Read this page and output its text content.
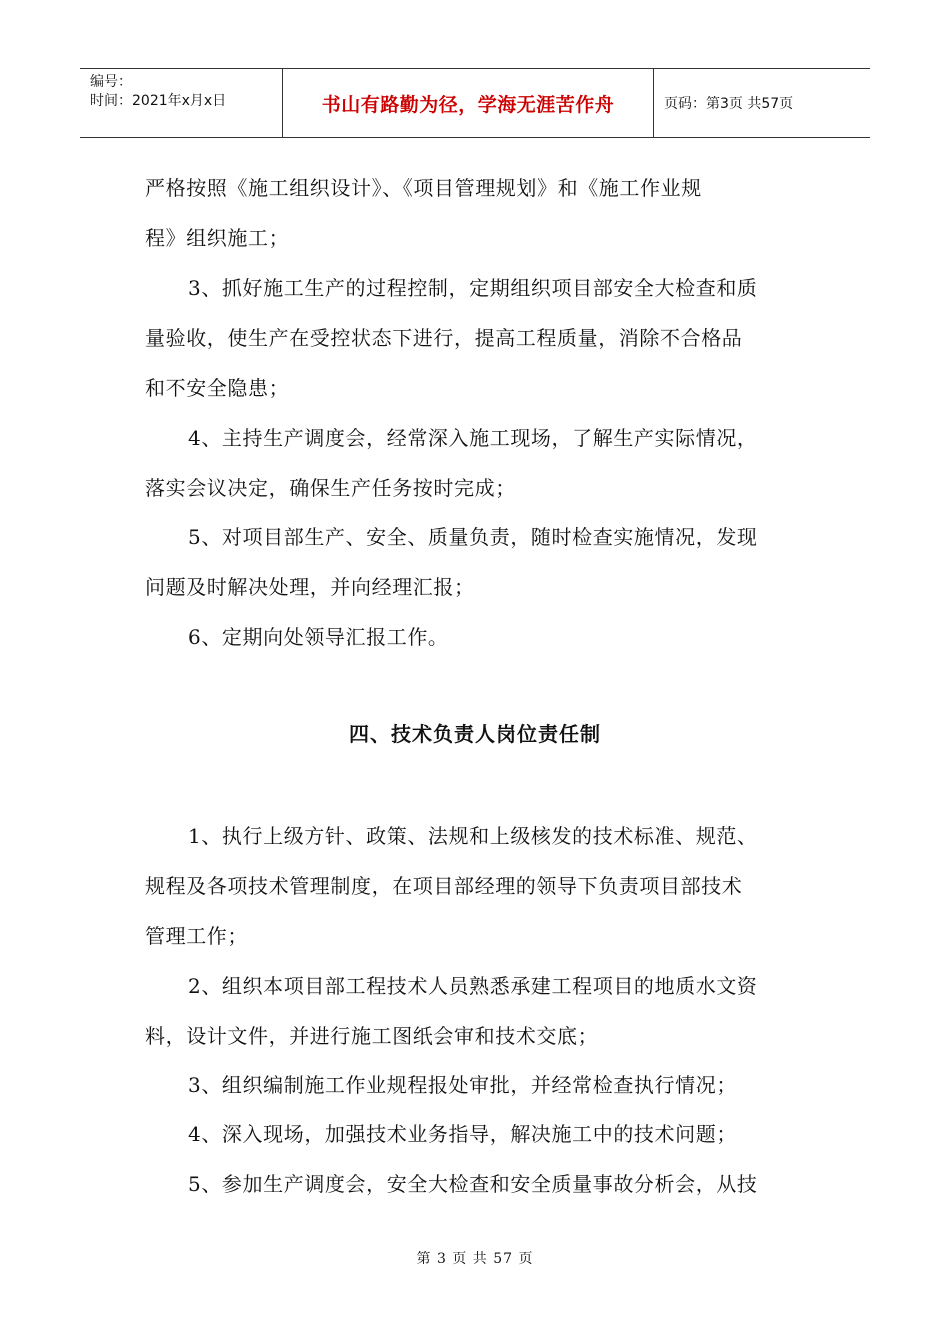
编号：
时间：2021年x月x日	书山有路勤为径，学海无涯苦作舟	页码：第3页 共57页
严格按照《施工组织设计》、《项目管理规划》和《施工作业规
程》组织施工；
3、抓好施工生产的过程控制，定期组织项目部安全大检查和质
量验收，使生产在受控状态下进行，提高工程质量，消除不合格品
和不安全隐患；
4、主持生产调度会，经常深入施工现场，了解生产实际情况，
落实会议决定，确保生产任务按时完成；
5、对项目部生产、安全、质量负责，随时检查实施情况，发现
问题及时解决处理，并向经理汇报；
6、定期向处领导汇报工作。
四、技术负责人岗位责任制
1、执行上级方针、政策、法规和上级核发的技术标准、规范、
规程及各项技术管理制度，在项目部经理的领导下负责项目部技术
管理工作；
2、组织本项目部工程技术人员熟悉承建工程项目的地质水文资
料，设计文件，并进行施工图纸会审和技术交底；
3、组织编制施工作业规程报处审批，并经常检查执行情况；
4、深入现场，加强技术业务指导，解决施工中的技术问题；
5、参加生产调度会，安全大检查和安全质量事故分析会，从技
第 3 页 共 57 页
